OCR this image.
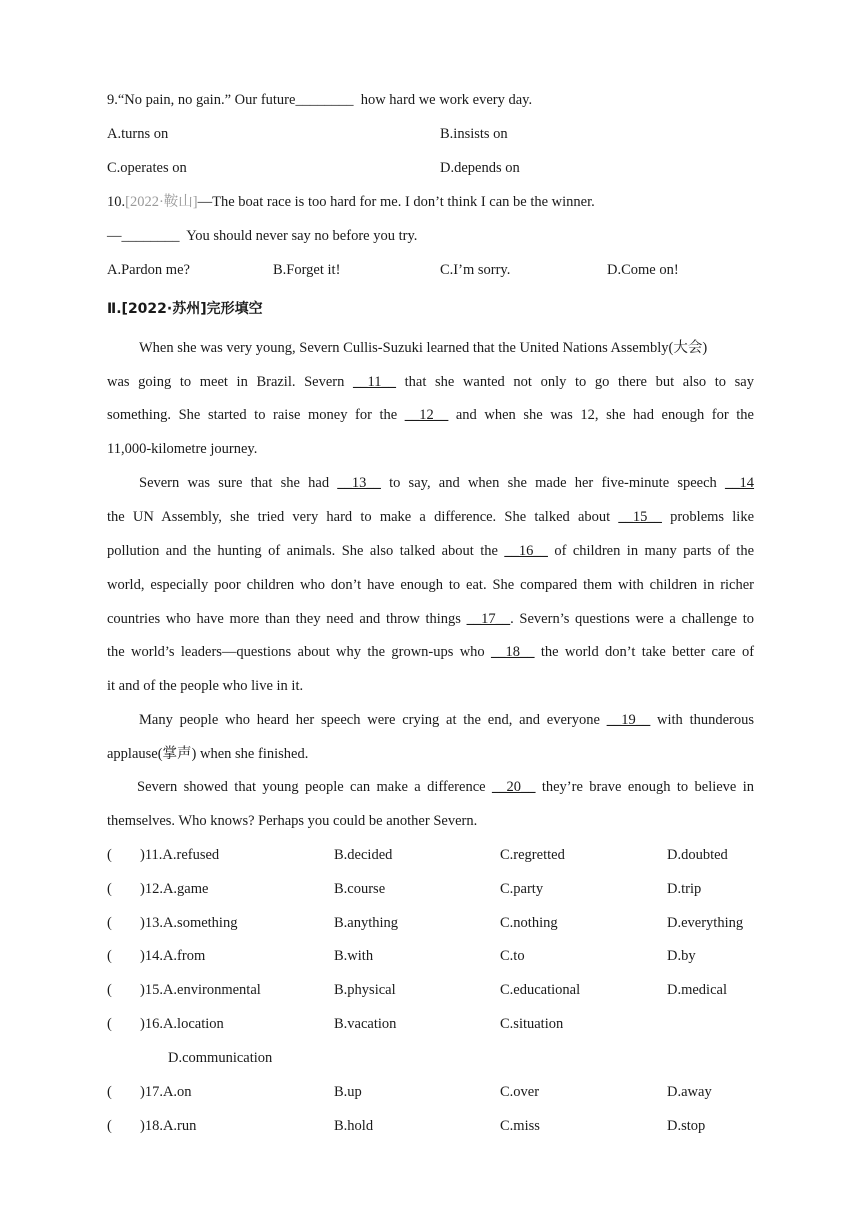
9.“No pain, no gain.” Our future________  how hard we work every day.
A.turns on	B.insists on
C.operates on	D.depends on
10.[2022·鞍山]—The boat race is too hard for me. I don’t think I can be the winner.
—________  You should never say no before you try.
A.Pardon me?	B.Forget it!	C.I’m sorry.	D.Come on!
Ⅱ.[2022·苏州]完形填空
When she was very young, Severn Cullis-Suzuki learned that the United Nations Assembly(大会)
was going to meet in Brazil. Severn __11__ that she wanted not only to go there but also to say
something. She started to raise money for the __12__ and when she was 12, she had enough for the
11,000-kilometre journey.
Severn was sure that she had __13__ to say, and when she made her five-minute speech __14
the UN Assembly, she tried very hard to make a difference. She talked about __15__ problems like
pollution and the hunting of animals. She also talked about the __16__ of children in many parts of the
world, especially poor children who don’t have enough to eat. She compared them with children in richer
countries who have more than they need and throw things __17__. Severn’s questions were a challenge to
the world’s leaders—questions about why the grown-ups who __18__ the world don’t take better care of
it and of the people who live in it.
Many people who heard her speech were crying at the end, and everyone __19__ with thunderous
applause(掌声) when she finished.
Severn showed that young people can make a difference __20__ they’re brave enough to believe in
themselves. Who knows? Perhaps you could be another Severn.
( )11.A.refused	B.decided	C.regretted	D.doubted
( )12.A.game	B.course	C.party	D.trip
( )13.A.something	B.anything	C.nothing	D.everything
( )14.A.from	B.with	C.to	D.by
( )15.A.environmental	B.physical	C.educational	D.medical
( )16.A.location	B.vacation	C.situation
D.communication
( )17.A.on	B.up	C.over	D.away
( )18.A.run	B.hold	C.miss	D.stop
